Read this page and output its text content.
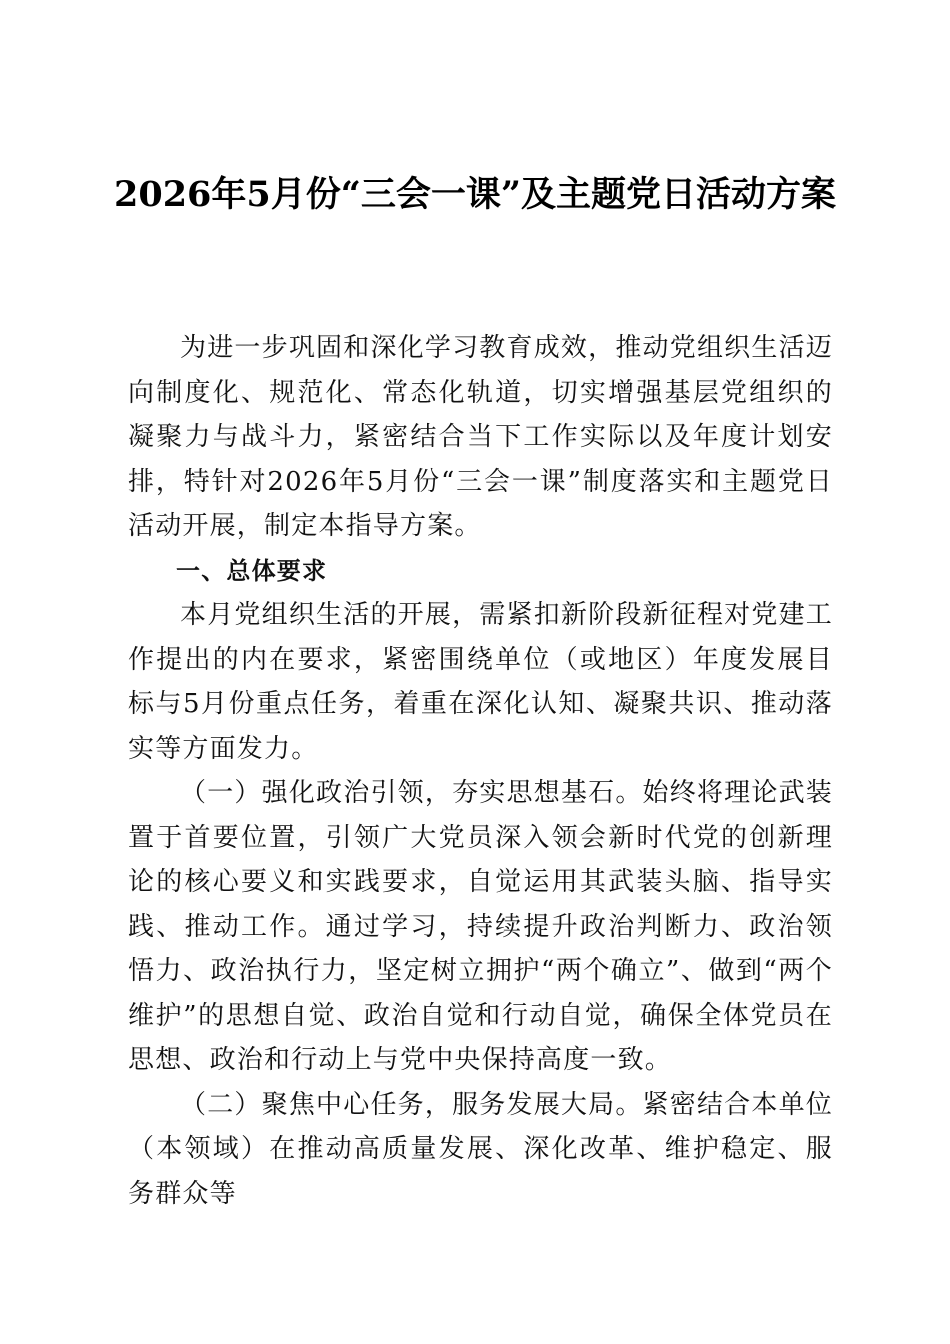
2026年5月份“三会一课”及主题党日活动方案

为进一步巩固和深化学习教育成效，推动党组织生活迈向制度化、规范化、常态化轨道，切实增强基层党组织的凝聚力与战斗力，紧密结合当下工作实际以及年度计划安排，特针对2026年5月份“三会一课”制度落实和主题党日活动开展，制定本指导方案。

一、总体要求

本月党组织生活的开展，需紧扣新阶段新征程对党建工作提出的内在要求，紧密围绕单位（或地区）年度发展目标与5月份重点任务，着重在深化认知、凝聚共识、推动落实等方面发力。

（一）强化政治引领，夯实思想基石。始终将理论武装置于首要位置，引领广大党员深入领会新时代党的创新理论的核心要义和实践要求，自觉运用其武装头脑、指导实践、推动工作。通过学习，持续提升政治判断力、政治领悟力、政治执行力，坚定树立拥护“两个确立”、做到“两个维护”的思想自觉、政治自觉和行动自觉，确保全体党员在思想、政治和行动上与党中央保持高度一致。

（二）聚焦中心任务，服务发展大局。紧密结合本单位（本领域）在推动高质量发展、深化改革、维护稳定、服务群众等
